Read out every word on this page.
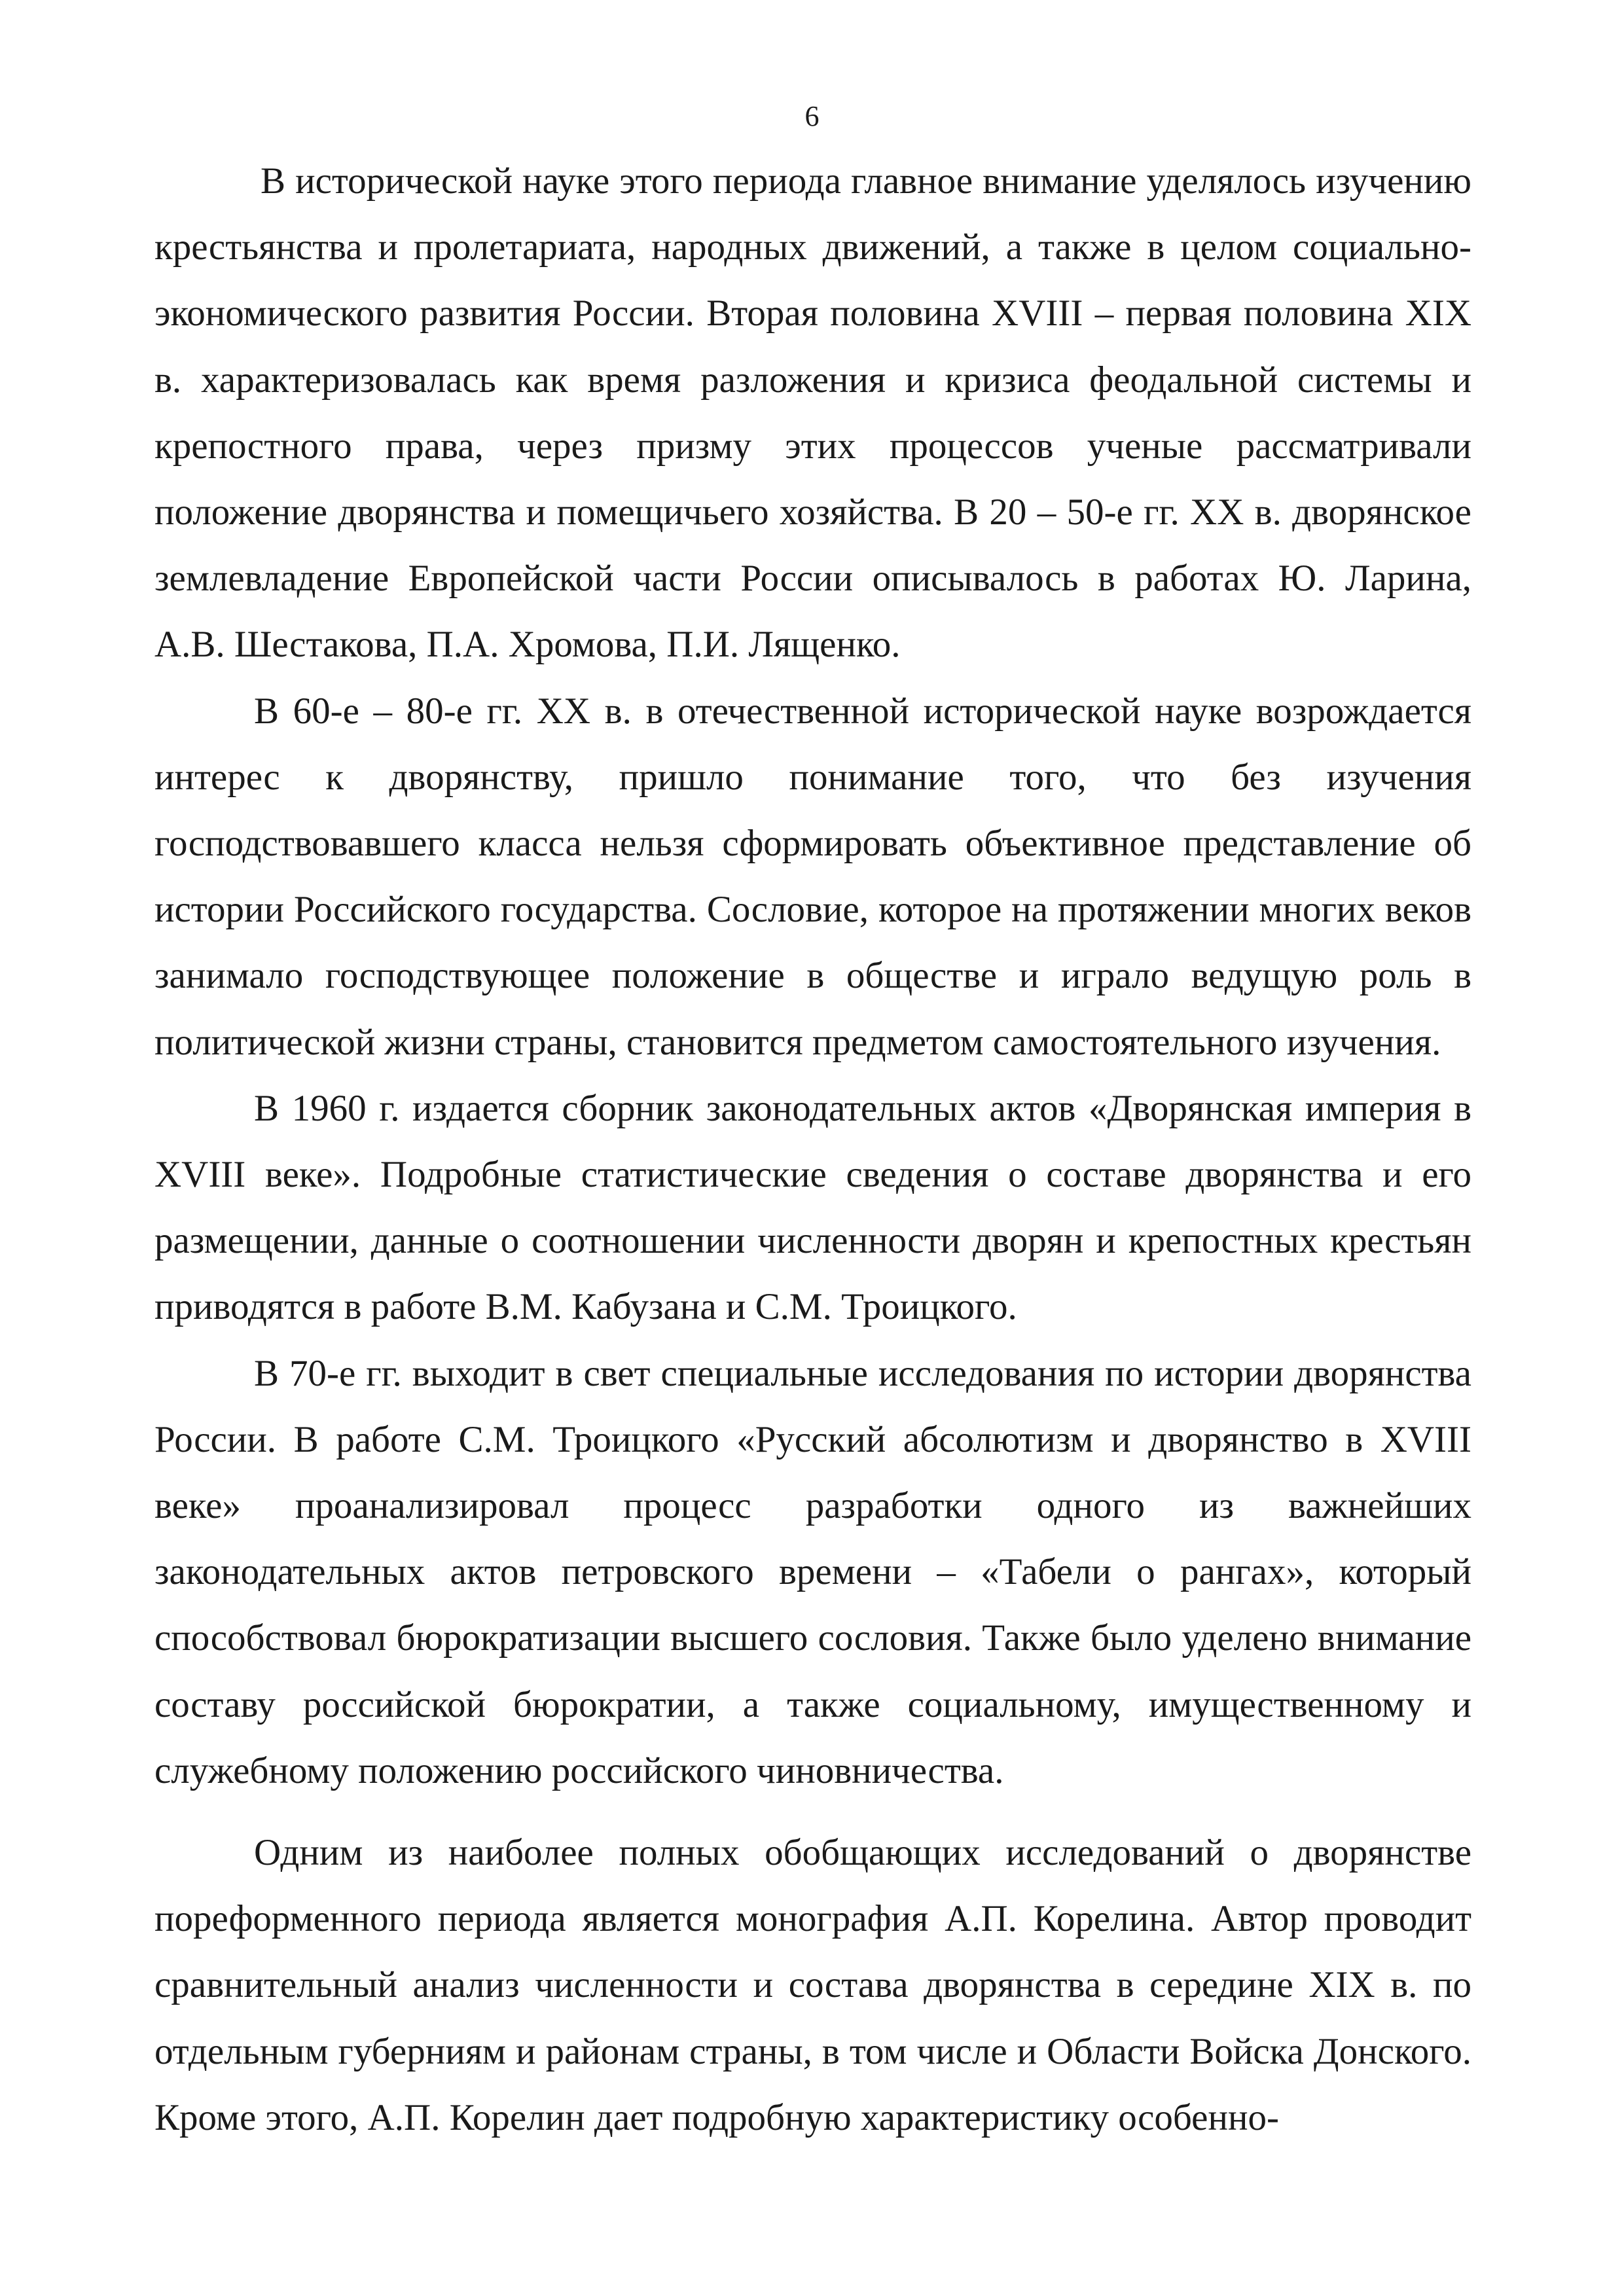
6

В исторической науке этого периода главное внимание уделялось изучению крестьянства и пролетариата, народных движений, а также в целом социально-экономического развития России. Вторая половина XVIII – первая половина XIX в. характеризовалась как время разложения и кризиса феодальной системы и крепостного права, через призму этих процессов ученые рассматривали положение дворянства и помещичьего хозяйства. В 20 – 50-е гг. XX в. дворянское землевладение Европейской части России описывалось в работах Ю. Ларина, А.В. Шестакова, П.А. Хромова, П.И. Лященко.

В 60-е – 80-е гг. XX в. в отечественной исторической науке возрождается интерес к дворянству, пришло понимание того, что без изучения господствовавшего класса нельзя сформировать объективное представление об истории Российского государства. Сословие, которое на протяжении многих веков занимало господствующее положение в обществе и играло ведущую роль в политической жизни страны, становится предметом самостоятельного изучения.

В 1960 г. издается сборник законодательных актов «Дворянская империя в XVIII веке». Подробные статистические сведения о составе дворянства и его размещении, данные о соотношении численности дворян и крепостных крестьян приводятся в работе В.М. Кабузана и С.М. Троицкого.

В 70-е гг. выходит в свет специальные исследования по истории дворянства России. В работе С.М. Троицкого «Русский абсолютизм и дворянство в XVIII веке» проанализировал процесс разработки одного из важнейших законодательных актов петровского времени – «Табели о рангах», который способствовал бюрократизации высшего сословия. Также было уделено внимание составу российской бюрократии, а также социальному, имущественному и служебному положению российского чиновничества.

Одним из наиболее полных обобщающих исследований о дворянстве пореформенного периода является монография А.П. Корелина. Автор проводит сравнительный анализ численности и состава дворянства в середине XIX в. по отдельным губерниям и районам страны, в том числе и Области Войска Донского. Кроме этого, А.П. Корелин дает подробную характеристику особенно-
